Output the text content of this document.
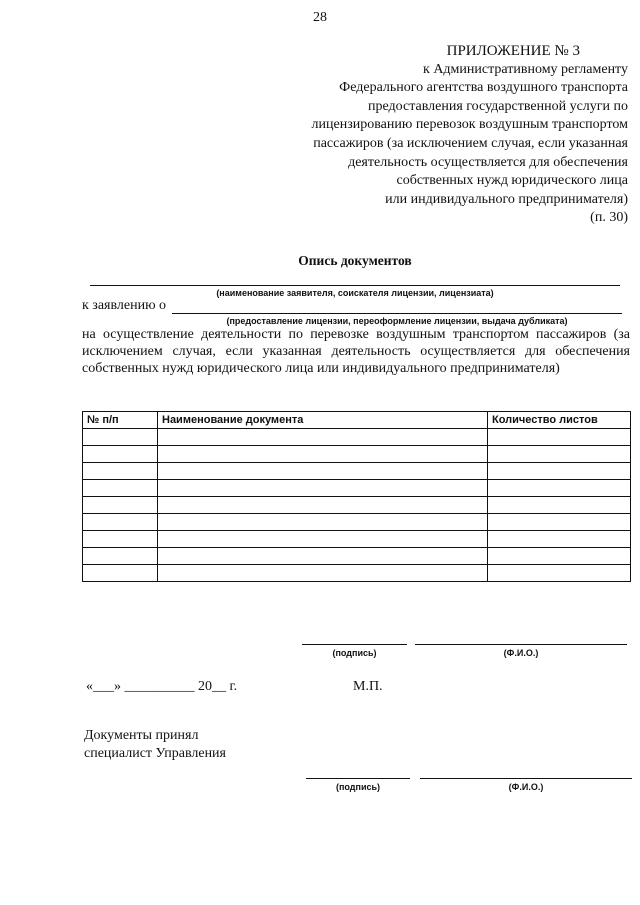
28
ПРИЛОЖЕНИЕ № 3
к Административному регламенту
Федерального агентства воздушного транспорта
предоставления государственной услуги по
лицензированию перевозок воздушным транспортом
пассажиров (за исключением случая, если указанная
деятельность осуществляется для обеспечения
собственных нужд юридического лица
или индивидуального предпринимателя)
(п. 30)
Опись документов
(наименование заявителя, соискателя лицензии, лицензиата)
к заявлению о
(предоставление лицензии, переоформление лицензии, выдача дубликата)
на осуществление деятельности по перевозке воздушным транспортом пассажиров (за исключением случая, если указанная деятельность осуществляется для обеспечения собственных нужд юридического лица или индивидуального предпринимателя)
№ п/п	Наименование документа	Количество листов

(подпись)	(Ф.И.О.)
«___» __________ 20__ г.	М.П.
Документы принял
специалист Управления
(подпись)	(Ф.И.О.)
